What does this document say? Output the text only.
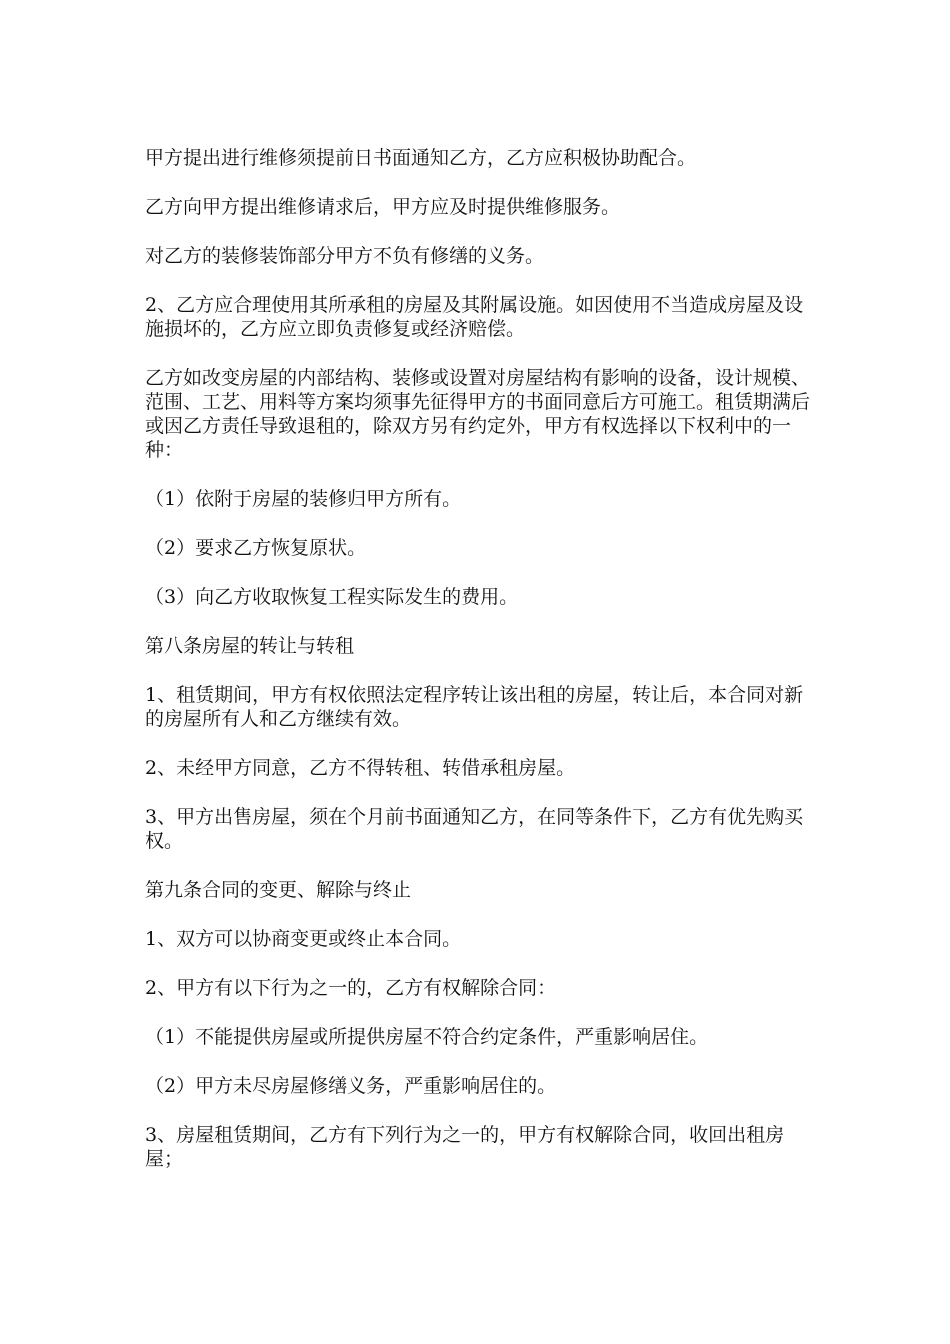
甲方提出进行维修须提前日书面通知乙方，乙方应积极协助配合。

乙方向甲方提出维修请求后，甲方应及时提供维修服务。

对乙方的装修装饰部分甲方不负有修缮的义务。

2、乙方应合理使用其所承租的房屋及其附属设施。如因使用不当造成房屋及设施损坏的，乙方应立即负责修复或经济赔偿。

乙方如改变房屋的内部结构、装修或设置对房屋结构有影响的设备，设计规模、范围、工艺、用料等方案均须事先征得甲方的书面同意后方可施工。租赁期满后或因乙方责任导致退租的，除双方另有约定外，甲方有权选择以下权利中的一种：

（1）依附于房屋的装修归甲方所有。

（2）要求乙方恢复原状。

（3）向乙方收取恢复工程实际发生的费用。

第八条房屋的转让与转租

1、租赁期间，甲方有权依照法定程序转让该出租的房屋，转让后，本合同对新的房屋所有人和乙方继续有效。

2、未经甲方同意，乙方不得转租、转借承租房屋。

3、甲方出售房屋，须在个月前书面通知乙方，在同等条件下，乙方有优先购买权。

第九条合同的变更、解除与终止

1、双方可以协商变更或终止本合同。

2、甲方有以下行为之一的，乙方有权解除合同：

（1）不能提供房屋或所提供房屋不符合约定条件，严重影响居住。

（2）甲方未尽房屋修缮义务，严重影响居住的。

3、房屋租赁期间，乙方有下列行为之一的，甲方有权解除合同，收回出租房屋；
